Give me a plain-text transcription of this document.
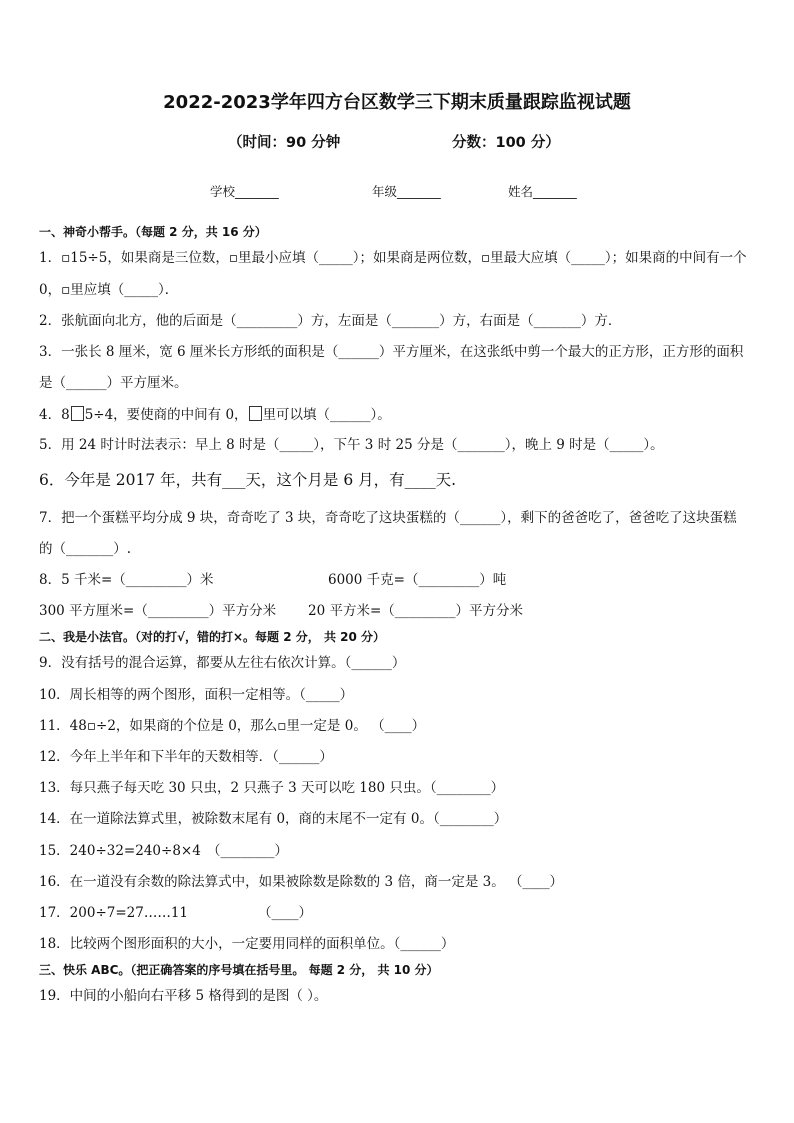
2022-2023学年四方台区数学三下期末质量跟踪监视试题
（时间：90 分钟	分数：100 分）
学校_______	年级_______	姓名_______
一、神奇小帮手。（每题 2 分，共 16 分）
1．▫15÷5，如果商是三位数，▫里最小应填（_____）；如果商是两位数，▫里最大应填（_____）；如果商的中间有一个
0，▫里应填（_____）．
2．张航面向北方，他的后面是（_________）方，左面是（_______）方，右面是（_______）方．
3．一张长 8 厘米，宽 6 厘米长方形纸的面积是（______）平方厘米，在这张纸中剪一个最大的正方形，正方形的面积
是（______）平方厘米。
4．8 5÷4，要使商的中间有 0， 里可以填（______）。
5．用 24 时计时法表示：早上 8 时是（_____），下午 3 时 25 分是（_______），晚上 9 时是（_____）。
6．今年是 2017 年，共有___天，这个月是 6 月，有____天.
7．把一个蛋糕平均分成 9 块，奇奇吃了 3 块，奇奇吃了这块蛋糕的（______），剩下的爸爸吃了，爸爸吃了这块蛋糕
的（_______）.
8．5 千米=（_________）米	6000 千克=（_________）吨
300 平方厘米=（_________）平方分米	20 平方米=（_________）平方分米
二、我是小法官。（对的打√，错的打×。每题 2 分， 共 20 分）
9．没有括号的混合运算，都要从左往右依次计算。（______）
10．周长相等的两个图形，面积一定相等。（_____）
11．48▫÷2，如果商的个位是 0，那么▫里一定是 0。 （____）
12．今年上半年和下半年的天数相等．（______）
13．每只燕子每天吃 30 只虫，2 只燕子 3 天可以吃 180 只虫。（________）
14．在一道除法算式里，被除数末尾有 0，商的末尾不一定有 0。（________）
15．240÷32=240÷8×4 （________）
16．在一道没有余数的除法算式中，如果被除数是除数的 3 倍，商一定是 3。 （____）
17．200÷7=27……11	（____）
18．比较两个图形面积的大小，一定要用同样的面积单位。（______）
三、快乐 ABC。（把正确答案的序号填在括号里。 每题 2 分， 共 10 分）
19．中间的小船向右平移 5 格得到的是图（ ）。
